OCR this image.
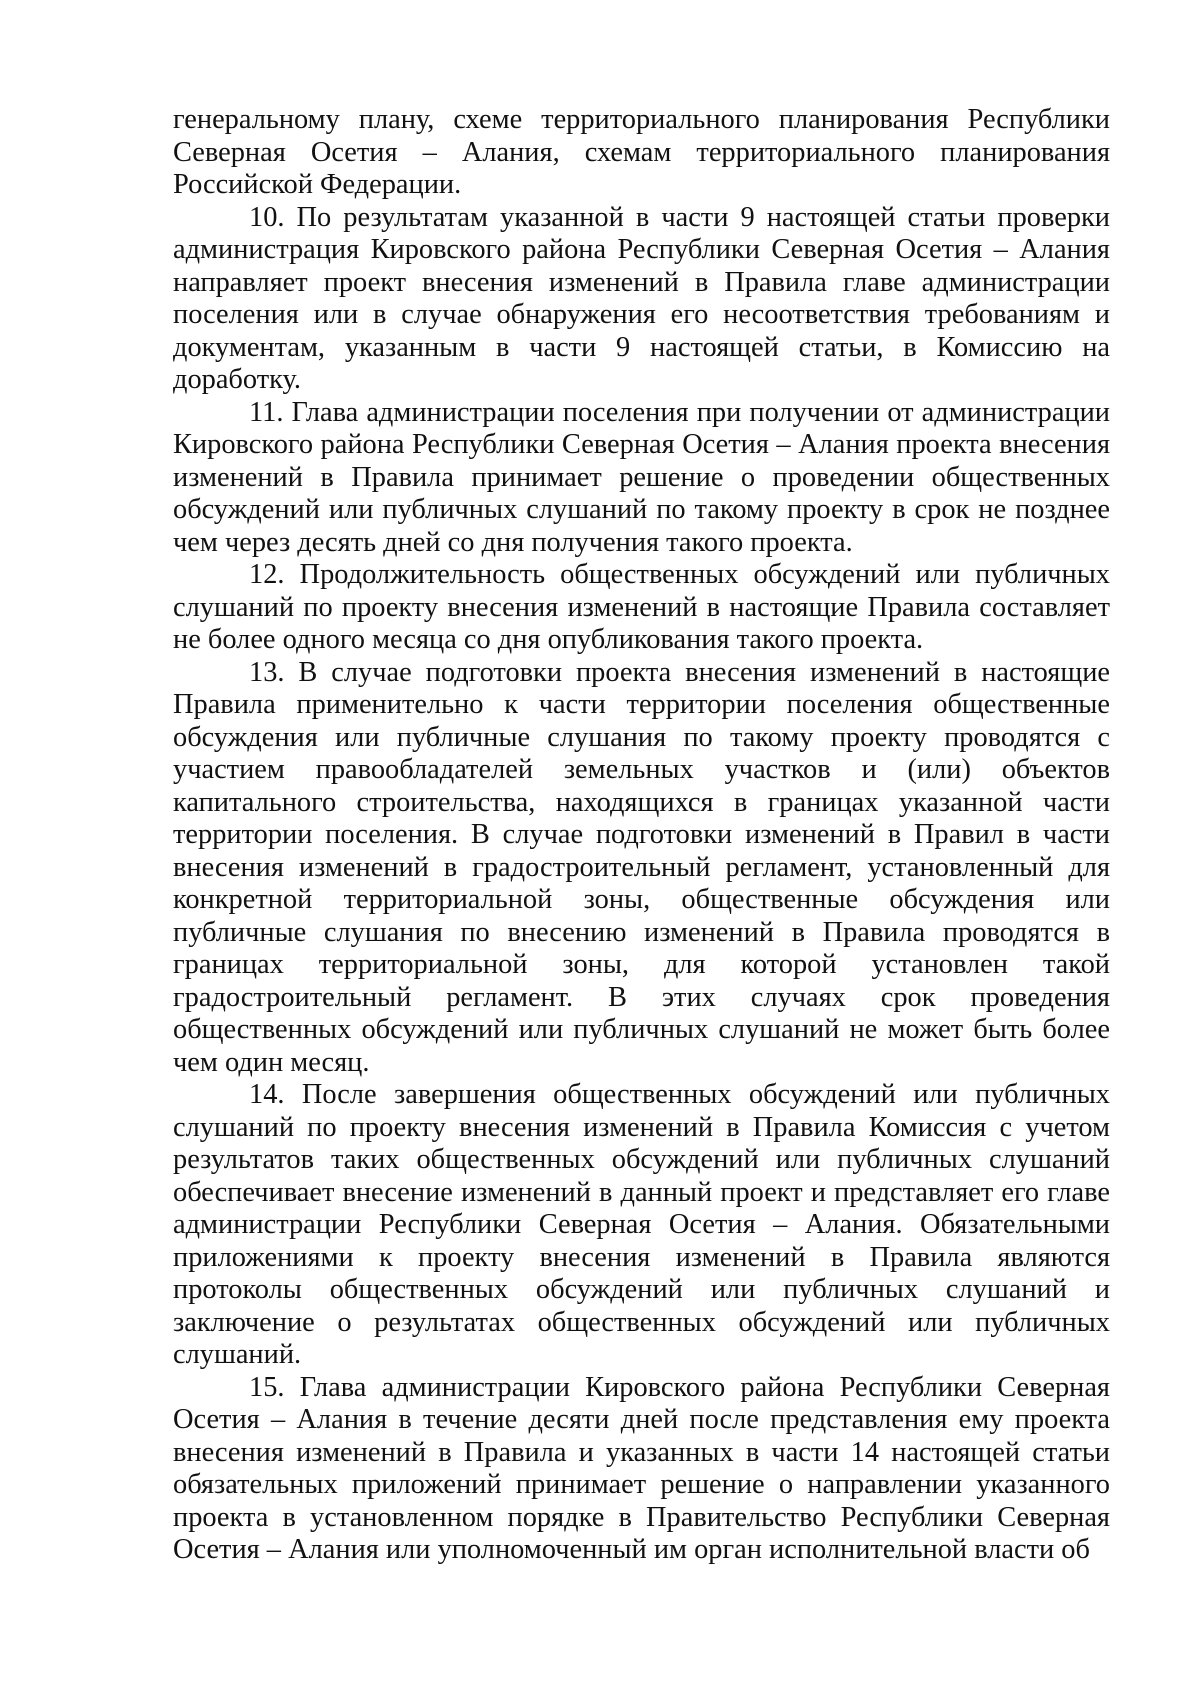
генеральному плану, схеме территориального планирования Республики Северная Осетия – Алания, схемам территориального планирования Российской Федерации.

10. По результатам указанной в части 9 настоящей статьи проверки администрация Кировского района Республики Северная Осетия – Алания направляет проект внесения изменений в Правила главе администрации поселения или в случае обнаружения его несоответствия требованиям и документам, указанным в части 9 настоящей статьи, в Комиссию на доработку.

11. Глава администрации поселения при получении от администрации Кировского района Республики Северная Осетия – Алания проекта внесения изменений в Правила принимает решение о проведении общественных обсуждений или публичных слушаний по такому проекту в срок не позднее чем через десять дней со дня получения такого проекта.

12. Продолжительность общественных обсуждений или публичных слушаний по проекту внесения изменений в настоящие Правила составляет не более одного месяца со дня опубликования такого проекта.

13. В случае подготовки проекта внесения изменений в настоящие Правила применительно к части территории поселения общественные обсуждения или публичные слушания по такому проекту проводятся с участием правообладателей земельных участков и (или) объектов капитального строительства, находящихся в границах указанной части территории поселения. В случае подготовки изменений в Правил в части внесения изменений в градостроительный регламент, установленный для конкретной территориальной зоны, общественные обсуждения или публичные слушания по внесению изменений в Правила проводятся в границах территориальной зоны, для которой установлен такой градостроительный регламент. В этих случаях срок проведения общественных обсуждений или публичных слушаний не может быть более чем один месяц.

14. После завершения общественных обсуждений или публичных слушаний по проекту внесения изменений в Правила Комиссия с учетом результатов таких общественных обсуждений или публичных слушаний обеспечивает внесение изменений в данный проект и представляет его главе администрации Республики Северная Осетия – Алания. Обязательными приложениями к проекту внесения изменений в Правила являются протоколы общественных обсуждений или публичных слушаний и заключение о результатах общественных обсуждений или публичных слушаний.

15. Глава администрации Кировского района Республики Северная Осетия – Алания в течение десяти дней после представления ему проекта внесения изменений в Правила и указанных в части 14 настоящей статьи обязательных приложений принимает решение о направлении указанного проекта в установленном порядке в Правительство Республики Северная Осетия – Алания или уполномоченный им орган исполнительной власти об
